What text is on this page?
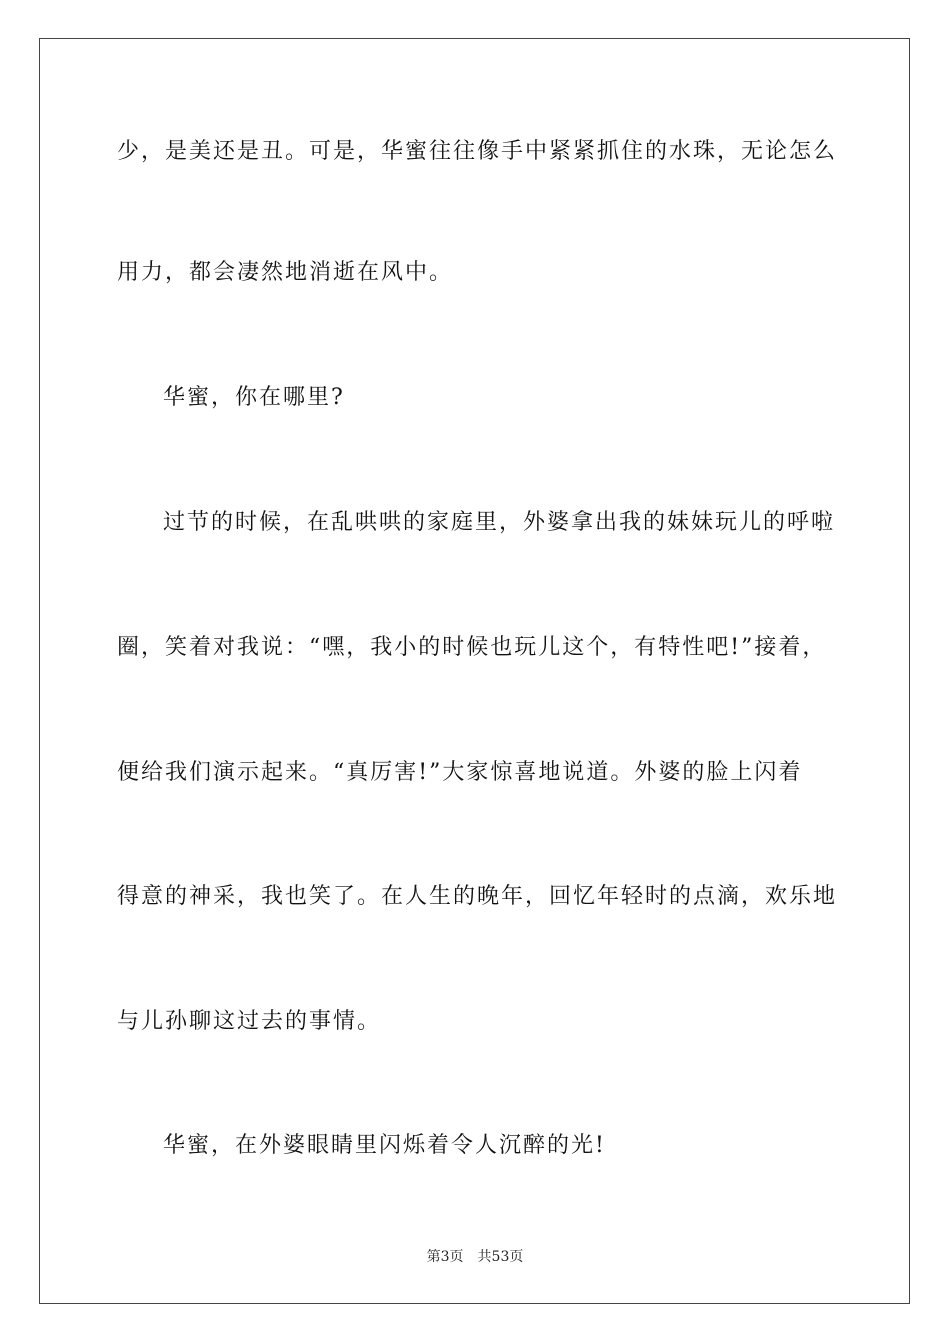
少，是美还是丑。可是，华蜜往往像手中紧紧抓住的水珠，无论怎么
用力，都会凄然地消逝在风中。
华蜜，你在哪里?
过节的时候，在乱哄哄的家庭里，外婆拿出我的妹妹玩儿的呼啦
圈，笑着对我说：“嘿，我小的时候也玩儿这个，有特性吧!”接着，
便给我们演示起来。“真厉害!”大家惊喜地说道。外婆的脸上闪着
得意的神采，我也笑了。在人生的晚年，回忆年轻时的点滴，欢乐地
与儿孙聊这过去的事情。
华蜜，在外婆眼睛里闪烁着令人沉醉的光!
第3页 共53页
